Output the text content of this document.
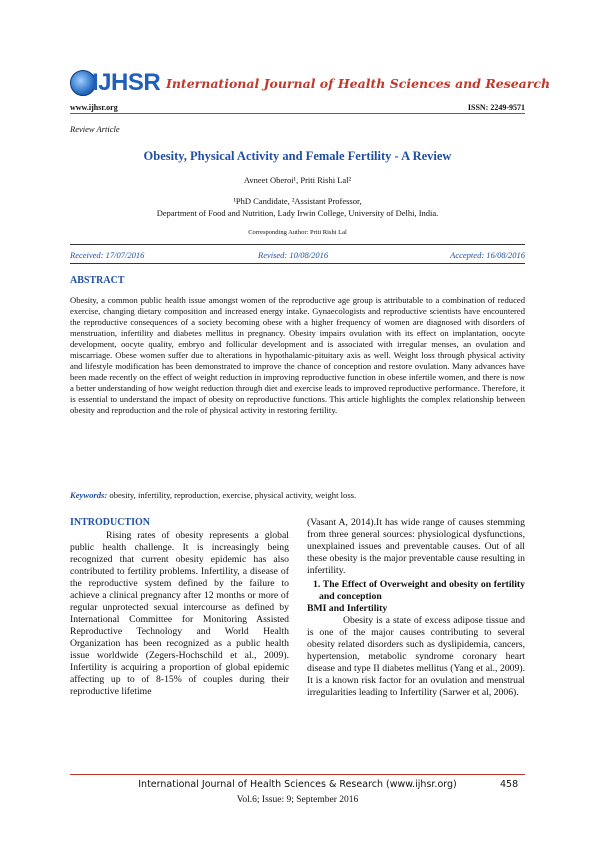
IJHSR International Journal of Health Sciences and Research
www.ijhsr.org	ISSN: 2249-9571
Review Article
Obesity, Physical Activity and Female Fertility - A Review
Avneet Oberoi¹, Priti Rishi Lal²
¹PhD Candidate, ²Assistant Professor,
Department of Food and Nutrition, Lady Irwin College, University of Delhi, India.
Corresponding Author: Priti Rishi Lal
Received: 17/07/2016	Revised: 10/08/2016	Accepted: 16/08/2016
ABSTRACT
Obesity, a common public health issue amongst women of the reproductive age group is attributable to a combination of reduced exercise, changing dietary composition and increased energy intake. Gynaecologists and reproductive scientists have encountered the reproductive consequences of a society becoming obese with a higher frequency of women are diagnosed with disorders of menstruation, infertility and diabetes mellitus in pregnancy. Obesity impairs ovulation with its effect on implantation, oocyte development, oocyte quality, embryo and follicular development and is associated with irregular menses, an ovulation and miscarriage. Obese women suffer due to alterations in hypothalamic-pituitary axis as well. Weight loss through physical activity and lifestyle modification has been demonstrated to improve the chance of conception and restore ovulation. Many advances have been made recently on the effect of weight reduction in improving reproductive function in obese infertile women, and there is now a better understanding of how weight reduction through diet and exercise leads to improved reproductive performance. Therefore, it is essential to understand the impact of obesity on reproductive functions. This article highlights the complex relationship between obesity and reproduction and the role of physical activity in restoring fertility.
Keywords: obesity, infertility, reproduction, exercise, physical activity, weight loss.
INTRODUCTION

Rising rates of obesity represents a global public health challenge. It is increasingly being recognized that current obesity epidemic has also contributed to fertility problems. Infertility, a disease of the reproductive system defined by the failure to achieve a clinical pregnancy after 12 months or more of regular unprotected sexual intercourse as defined by International Committee for Monitoring Assisted Reproductive Technology and World Health Organization has been recognized as a public health issue worldwide (Zegers-Hochschild et al., 2009). Infertility is acquiring a proportion of global epidemic affecting up to of 8-15% of couples during their reproductive lifetime

(Vasant A, 2014).It has wide range of causes stemming from three general sources: physiological dysfunctions, unexplained issues and preventable causes. Out of all these obesity is the major preventable cause resulting in infertility.

1. The Effect of Overweight and obesity on fertility and conception

BMI and Infertility

Obesity is a state of excess adipose tissue and is one of the major causes contributing to several obesity related disorders such as dyslipidemia, cancers, hypertension, metabolic syndrome coronary heart disease and type II diabetes mellitus (Yang et al., 2009). It is a known risk factor for an ovulation and menstrual irregularities leading to Infertility (Sarwer et al, 2006).

International Journal of Health Sciences & Research (www.ijhsr.org)	458
Vol.6; Issue: 9; September 2016
